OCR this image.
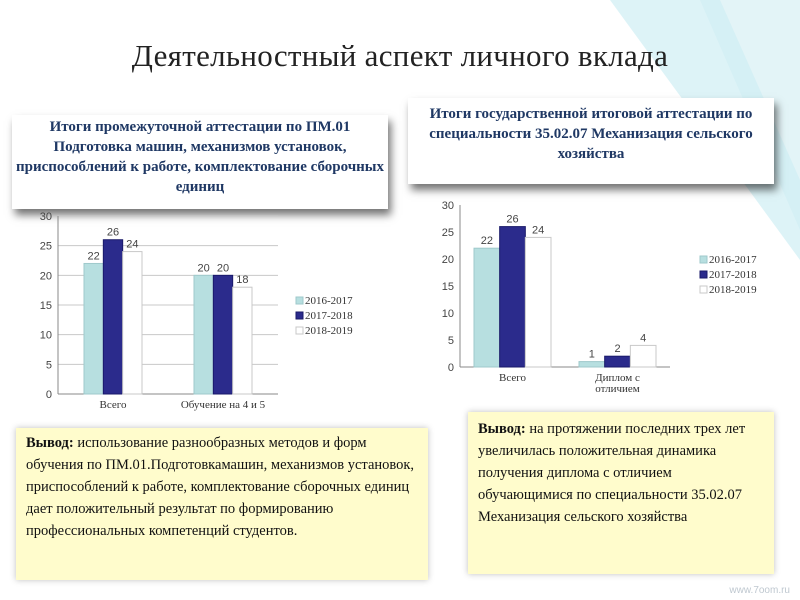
Деятельностный аспект личного вклада
Итоги промежуточной аттестации по ПМ.01 Подготовка машин, механизмов установок, приспособлений к работе, комплектование сборочных единиц
Итоги государственной итоговой аттестации по специальности 35.02.07 Механизация сельского хозяйства
0
5
10
15
20
25
30
22
26
24
Всего
20 20
18
Обучение на 4 и 5
2016-2017
2017-2018
2018-2019
0
5
10
15
20
25
30
22
26
24
Всего
1 2
4
Диплом с
отличием
2016-2017
2017-2018
2018-2019
Вывод: использование разнообразных методов и форм обучения по ПМ.01.Подготовкамашин, механизмов установок, приспособлений к работе, комплектование сборочных единиц дает положительный результат по формированию профессиональных компетенций студентов.
Вывод: на протяжении последних трех лет увеличилась положительная динамика получения диплома с отличием обучающимися по специальности 35.02.07 Механизация сельского хозяйства
www.7oom.ru
